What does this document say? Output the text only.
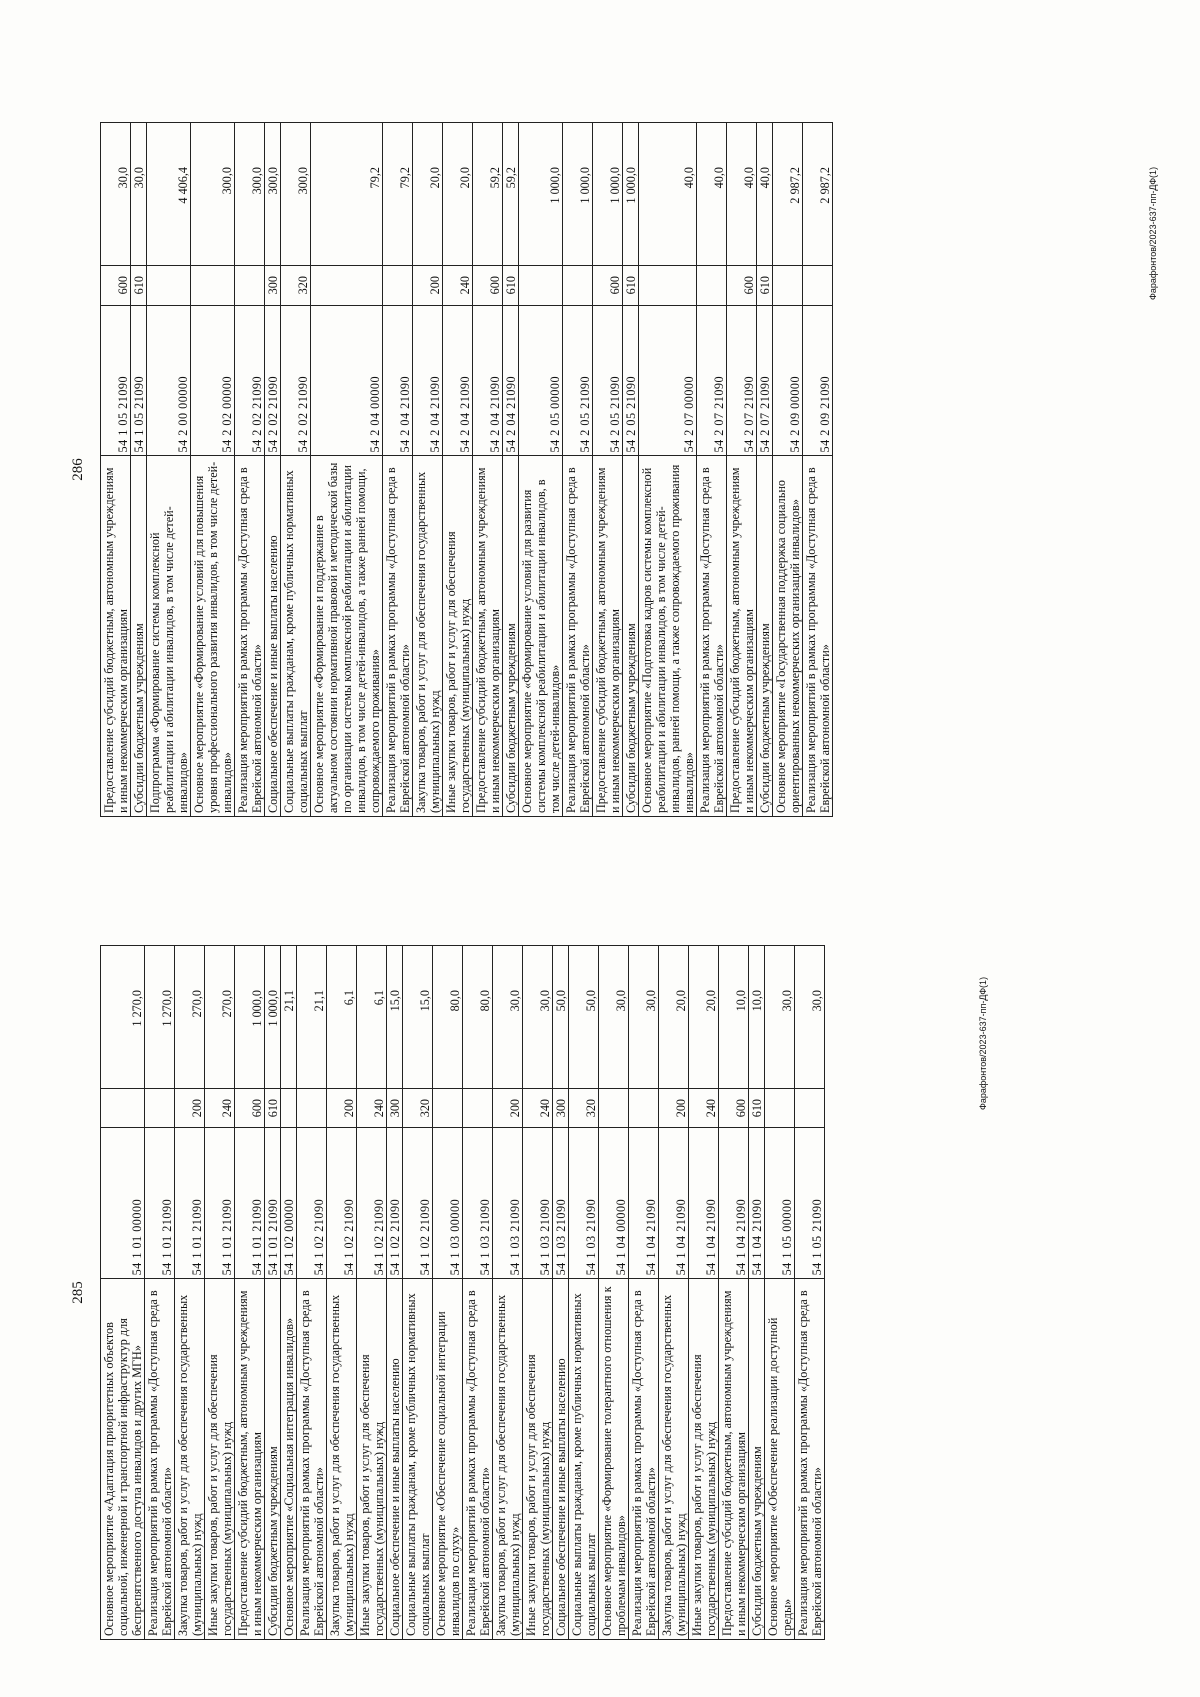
285
Основное мероприятие «Адаптация приоритетных объектов социальной, инженерной и транспортной инфраструктур для беспрепятственного доступа инвалидов и других МГН»	54 1 01 00000		1 270,0
Реализация мероприятий в рамках программы «Доступная среда в Еврейской автономной области»	54 1 01 21090		1 270,0
Закупка товаров, работ и услуг для обеспечения государственных (муниципальных) нужд	54 1 01 21090	200	270,0
Иные закупки товаров, работ и услуг для обеспечения государственных (муниципальных) нужд	54 1 01 21090	240	270,0
Предоставление субсидий бюджетным, автономным учреждениям и иным некоммерческим организациям	54 1 01 21090	600	1 000,0
Субсидии бюджетным учреждениям	54 1 01 21090	610	1 000,0
Основное мероприятие «Социальная интеграция инвалидов»	54 1 02 00000		21,1
Реализация мероприятий в рамках программы «Доступная среда в Еврейской автономной области»	54 1 02 21090		21,1
Закупка товаров, работ и услуг для обеспечения государственных (муниципальных) нужд	54 1 02 21090	200	6,1
Иные закупки товаров, работ и услуг для обеспечения государственных (муниципальных) нужд	54 1 02 21090	240	6,1
Социальное обеспечение и иные выплаты населению	54 1 02 21090	300	15,0
Социальные выплаты гражданам, кроме публичных нормативных социальных выплат	54 1 02 21090	320	15,0
Основное мероприятие «Обеспечение социальной интеграции инвалидов по слуху»	54 1 03 00000		80,0
Реализация мероприятий в рамках программы «Доступная среда в Еврейской автономной области»	54 1 03 21090		80,0
Закупка товаров, работ и услуг для обеспечения государственных (муниципальных) нужд	54 1 03 21090	200	30,0
Иные закупки товаров, работ и услуг для обеспечения государственных (муниципальных) нужд	54 1 03 21090	240	30,0
Социальное обеспечение и иные выплаты населению	54 1 03 21090	300	50,0
Социальные выплаты гражданам, кроме публичных нормативных социальных выплат	54 1 03 21090	320	50,0
Основное мероприятие «Формирование толерантного отношения к проблемам инвалидов»	54 1 04 00000		30,0
Реализация мероприятий в рамках программы «Доступная среда в Еврейской автономной области»	54 1 04 21090		30,0
Закупка товаров, работ и услуг для обеспечения государственных (муниципальных) нужд	54 1 04 21090	200	20,0
Иные закупки товаров, работ и услуг для обеспечения государственных (муниципальных) нужд	54 1 04 21090	240	20,0
Предоставление субсидий бюджетным, автономным учреждениям и иным некоммерческим организациям	54 1 04 21090	600	10,0
Субсидии бюджетным учреждениям	54 1 04 21090	610	10,0
Основное мероприятие «Обеспечение реализации доступной среды»	54 1 05 00000		30,0
Реализация мероприятий в рамках программы «Доступная среда в Еврейской автономной области»	54 1 05 21090		30,0
286 Предоставление субсидий бюджетным, автономным учреждениям и иным некоммерческим организациям	54 1 05 21090	600	30,0
Субсидии бюджетным учреждениям	54 1 05 21090	610	30,0
Подпрограмма «Формирование системы комплексной реабилитации и абилитации инвалидов, в том числе детей-инвалидов»	54 2 00 00000		4 406,4
Основное мероприятие «Формирование условий для повышения уровня профессионального развития инвалидов, в том числе детей-инвалидов»	54 2 02 00000		300,0
Реализация мероприятий в рамках программы «Доступная среда в Еврейской автономной области»	54 2 02 21090		300,0
Социальное обеспечение и иные выплаты населению	54 2 02 21090	300	300,0
Социальные выплаты гражданам, кроме публичных нормативных социальных выплат	54 2 02 21090	320	300,0
Основное мероприятие «Формирование и поддержание в актуальном состоянии нормативной правовой и методической базы по организации системы комплексной реабилитации и абилитации инвалидов, в том числе детей-инвалидов, а также ранней помощи, сопровождаемого проживания»	54 2 04 00000		79,2
Реализация мероприятий в рамках программы «Доступная среда в Еврейской автономной области»	54 2 04 21090		79,2
Закупка товаров, работ и услуг для обеспечения государственных (муниципальных) нужд	54 2 04 21090	200	20,0
Иные закупки товаров, работ и услуг для обеспечения государственных (муниципальных) нужд	54 2 04 21090	240	20,0
Предоставление субсидий бюджетным, автономным учреждениям и иным некоммерческим организациям	54 2 04 21090	600	59,2
Субсидии бюджетным учреждениям	54 2 04 21090	610	59,2
Основное мероприятие «Формирование условий для развития системы комплексной реабилитации и абилитации инвалидов, в том числе детей-инвалидов»	54 2 05 00000		1 000,0
Реализация мероприятий в рамках программы «Доступная среда в Еврейской автономной области»	54 2 05 21090		1 000,0
Предоставление субсидий бюджетным, автономным учреждениям и иным некоммерческим организациям	54 2 05 21090	600	1 000,0
Субсидии бюджетным учреждениям	54 2 05 21090	610	1 000,0
Основное мероприятие «Подготовка кадров системы комплексной реабилитации и абилитации инвалидов, в том числе детей-инвалидов, ранней помощи, а также сопровождаемого проживания инвалидов»	54 2 07 00000		40,0
Реализация мероприятий в рамках программы «Доступная среда в Еврейской автономной области»	54 2 07 21090		40,0
Предоставление субсидий бюджетным, автономным учреждениям и иным некоммерческим организациям	54 2 07 21090	600	40,0
Субсидии бюджетным учреждениям	54 2 07 21090	610	40,0
Основное мероприятие «Государственная поддержка социально ориентированных некоммерческих организаций инвалидов»	54 2 09 00000		2 987,2
Реализация мероприятий в рамках программы «Доступная среда в Еврейской автономной области»	54 2 09 21090		2 987,2
Фарафонтов/2023-637-пп-ДФ(1)
Фарафонтов/2023-637-пп-ДФ(1)
